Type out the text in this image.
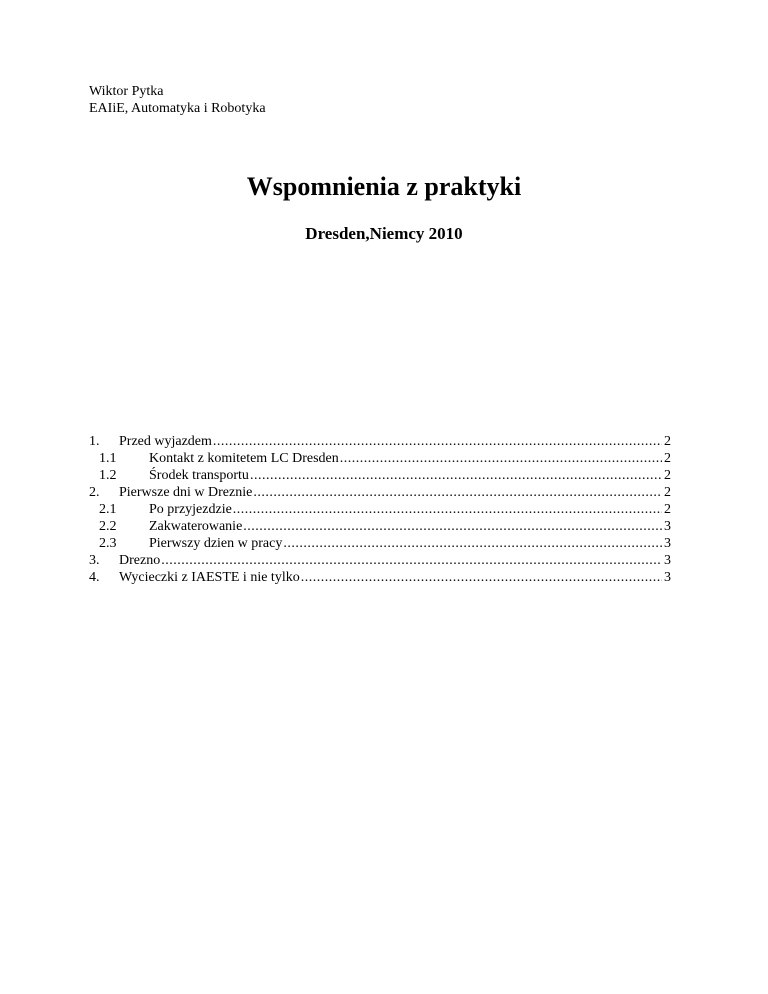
Wiktor Pytka
EAIiE, Automatyka i Robotyka
Wspomnienia z praktyki
Dresden,Niemcy 2010
1.	Przed wyjazdem .....	2
1.1	Kontakt z komitetem LC Dresden .....	2
1.2	Środek transportu .....	2
2.	Pierwsze dni w Dreznie .....	2
2.1	Po przyjezdzie .....	2
2.2	Zakwaterowanie .....	3
2.3	Pierwszy dzien w pracy .....	3
3.	Drezno .....	3
4.	Wycieczki z IAESTE i nie tylko .....	3
